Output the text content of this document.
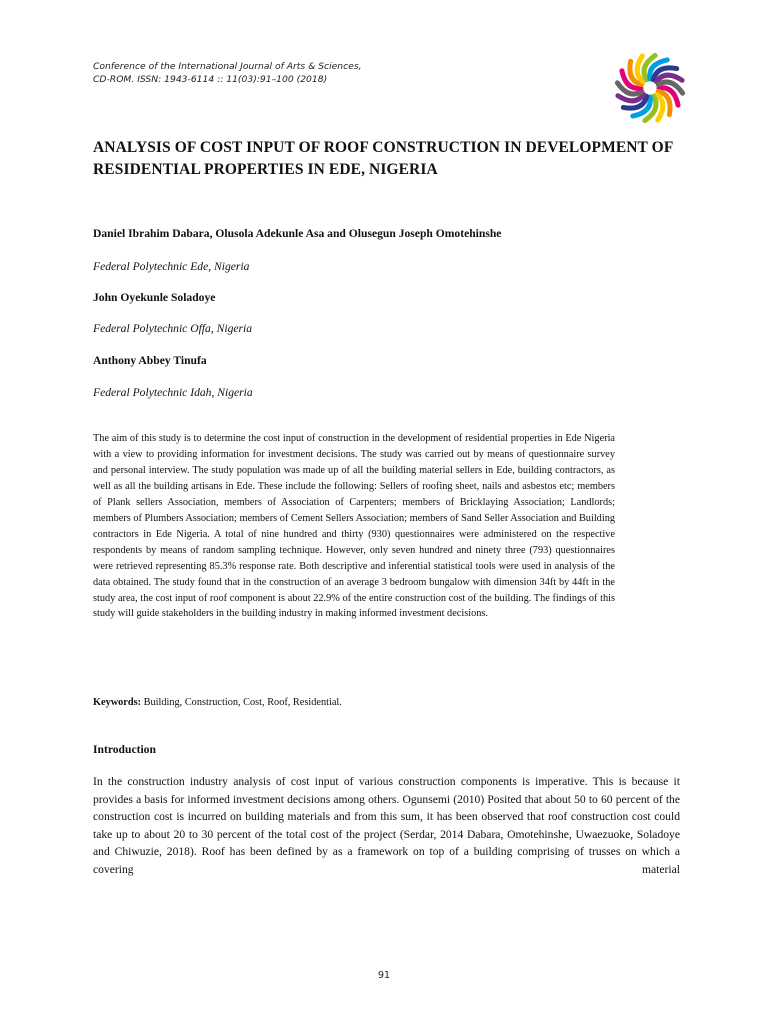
Conference of the International Journal of Arts & Sciences,
CD-ROM. ISSN: 1943-6114 :: 11(03):91–100 (2018)
ANALYSIS OF COST INPUT OF ROOF CONSTRUCTION IN DEVELOPMENT OF RESIDENTIAL PROPERTIES IN EDE, NIGERIA
Daniel Ibrahim Dabara, Olusola Adekunle Asa and Olusegun Joseph Omotehinshe
Federal Polytechnic Ede, Nigeria
John Oyekunle Soladoye
Federal Polytechnic Offa, Nigeria
Anthony Abbey Tinufa
Federal Polytechnic Idah, Nigeria
The aim of this study is to determine the cost input of construction in the development of residential properties in Ede Nigeria with a view to providing information for investment decisions. The study was carried out by means of questionnaire survey and personal interview. The study population was made up of all the building material sellers in Ede, building contractors, as well as all the building artisans in Ede. These include the following: Sellers of roofing sheet, nails and asbestos etc; members of Plank sellers Association, members of Association of Carpenters; members of Bricklaying Association; Landlords; members of Plumbers Association; members of Cement Sellers Association; members of Sand Seller Association and Building contractors in Ede Nigeria. A total of nine hundred and thirty (930) questionnaires were administered on the respective respondents by means of random sampling technique. However, only seven hundred and ninety three (793) questionnaires were retrieved representing 85.3% response rate. Both descriptive and inferential statistical tools were used in analysis of the data obtained. The study found that in the construction of an average 3 bedroom bungalow with dimension 34ft by 44ft in the study area, the cost input of roof component is about 22.9% of the entire construction cost of the building. The findings of this study will guide stakeholders in the building industry in making informed investment decisions.
Keywords: Building, Construction, Cost, Roof, Residential.
Introduction
In the construction industry analysis of cost input of various construction components is imperative. This is because it provides a basis for informed investment decisions among others. Ogunsemi (2010) Posited that about 50 to 60 percent of the construction cost is incurred on building materials and from this sum, it has been observed that roof construction cost could take up to about 20 to 30 percent of the total cost of the project (Serdar, 2014 Dabara, Omotehinshe, Uwaezuoke, Soladoye and Chiwuzie, 2018). Roof has been defined by as a framework on top of a building comprising of trusses on which a covering material
91
